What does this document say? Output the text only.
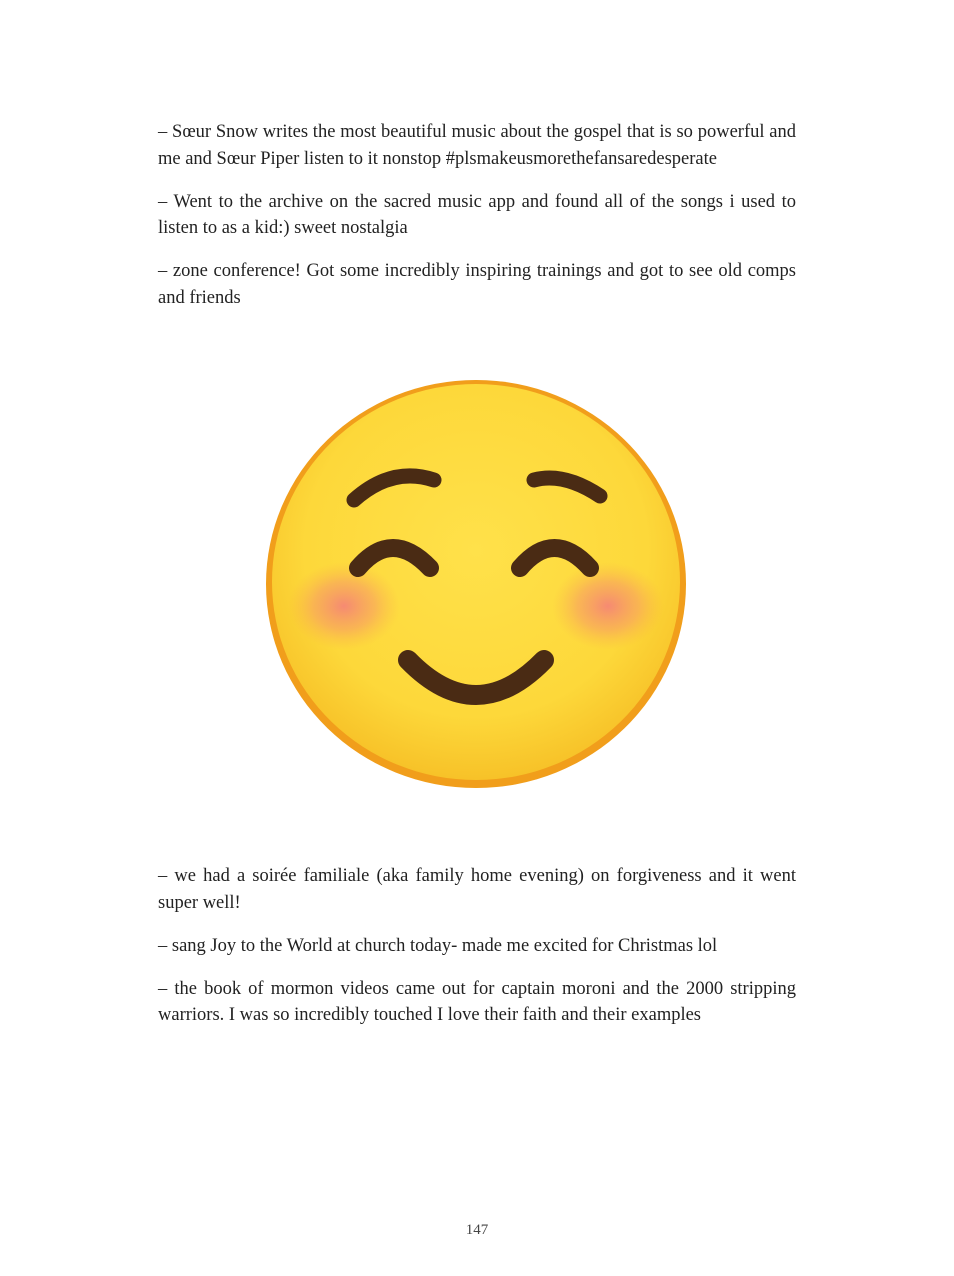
– Sœur Snow writes the most beautiful music about the gospel that is so powerful and me and Sœur Piper listen to it nonstop #plsmakeusmorethefansaredesperate

– Went to the archive on the sacred music app and found all of the songs i used to listen to as a kid:) sweet nostalgia

– zone conference! Got some incredibly inspiring trainings and got to see old comps and friends

– we had a soirée familiale (aka family home evening) on forgiveness and it went super well!

– sang Joy to the World at church today- made me excited for Christmas lol

– the book of mormon videos came out for captain moroni and the 2000 stripping warriors. I was so incredibly touched I love their faith and their examples

147
